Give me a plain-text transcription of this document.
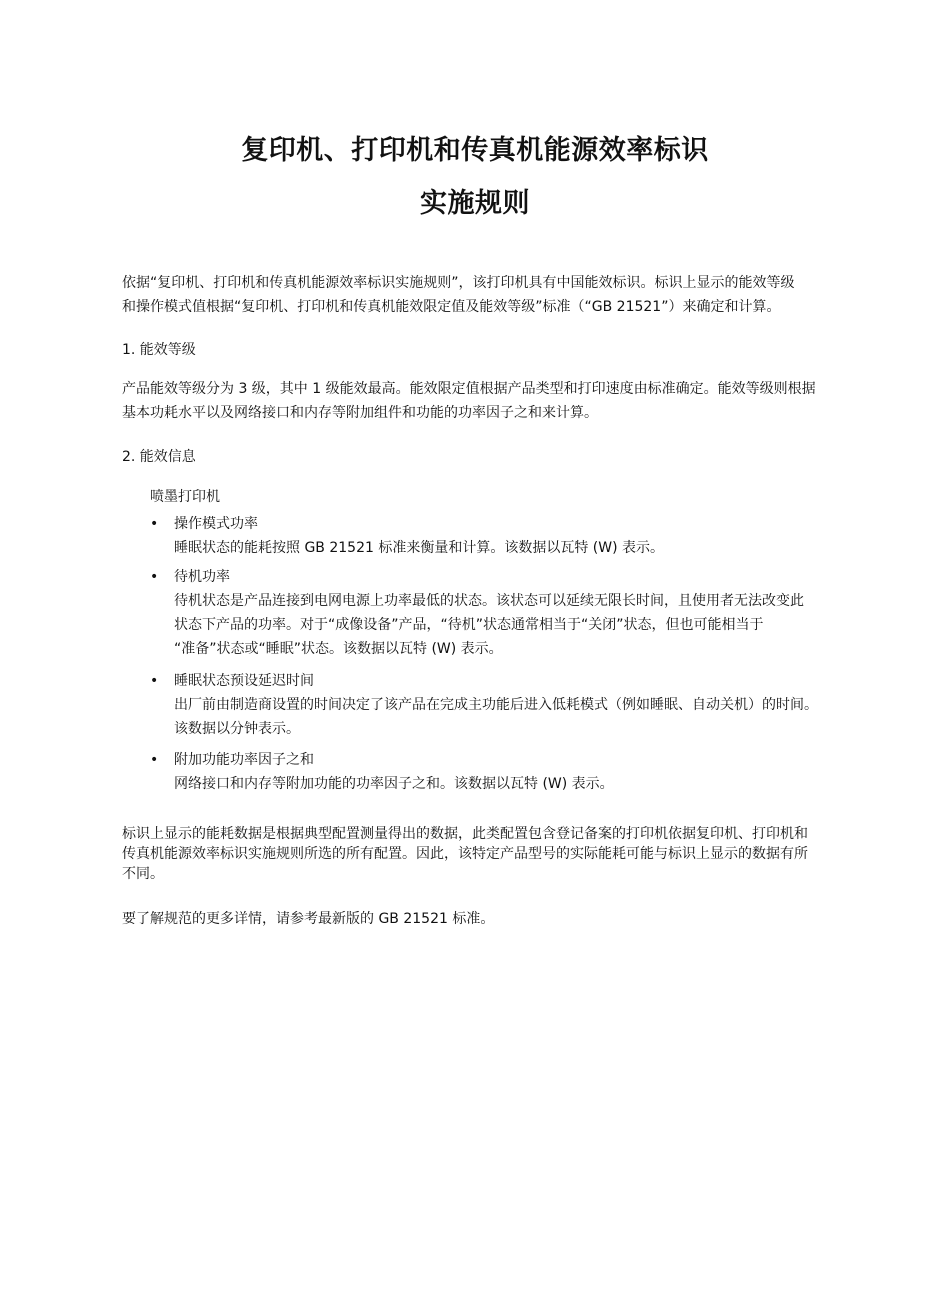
复印机、打印机和传真机能源效率标识
实施规则
依据“复印机、打印机和传真机能源效率标识实施规则”，该打印机具有中国能效标识。标识上显示的能效等级
和操作模式值根据“复印机、打印机和传真机能效限定值及能效等级”标准（“GB 21521”）来确定和计算。
1. 能效等级
产品能效等级分为 3 级，其中 1 级能效最高。能效限定值根据产品类型和打印速度由标准确定。能效等级则根据
基本功耗水平以及网络接口和内存等附加组件和功能的功率因子之和来计算。
2. 能效信息
喷墨打印机
•	操作模式功率
睡眠状态的能耗按照 GB 21521 标准来衡量和计算。该数据以瓦特 (W) 表示。
•	待机功率
待机状态是产品连接到电网电源上功率最低的状态。该状态可以延续无限长时间，且使用者无法改变此
状态下产品的功率。对于“成像设备”产品，“待机”状态通常相当于“关闭”状态，但也可能相当于
“准备”状态或“睡眠”状态。该数据以瓦特 (W) 表示。
•	睡眠状态预设延迟时间
出厂前由制造商设置的时间决定了该产品在完成主功能后进入低耗模式（例如睡眠、自动关机）的时间。
该数据以分钟表示。
•	附加功能功率因子之和
网络接口和内存等附加功能的功率因子之和。该数据以瓦特 (W) 表示。
标识上显示的能耗数据是根据典型配置测量得出的数据，此类配置包含登记备案的打印机依据复印机、打印机和
传真机能源效率标识实施规则所选的所有配置。因此，该特定产品型号的实际能耗可能与标识上显示的数据有所
不同。
要了解规范的更多详情，请参考最新版的 GB 21521 标准。
